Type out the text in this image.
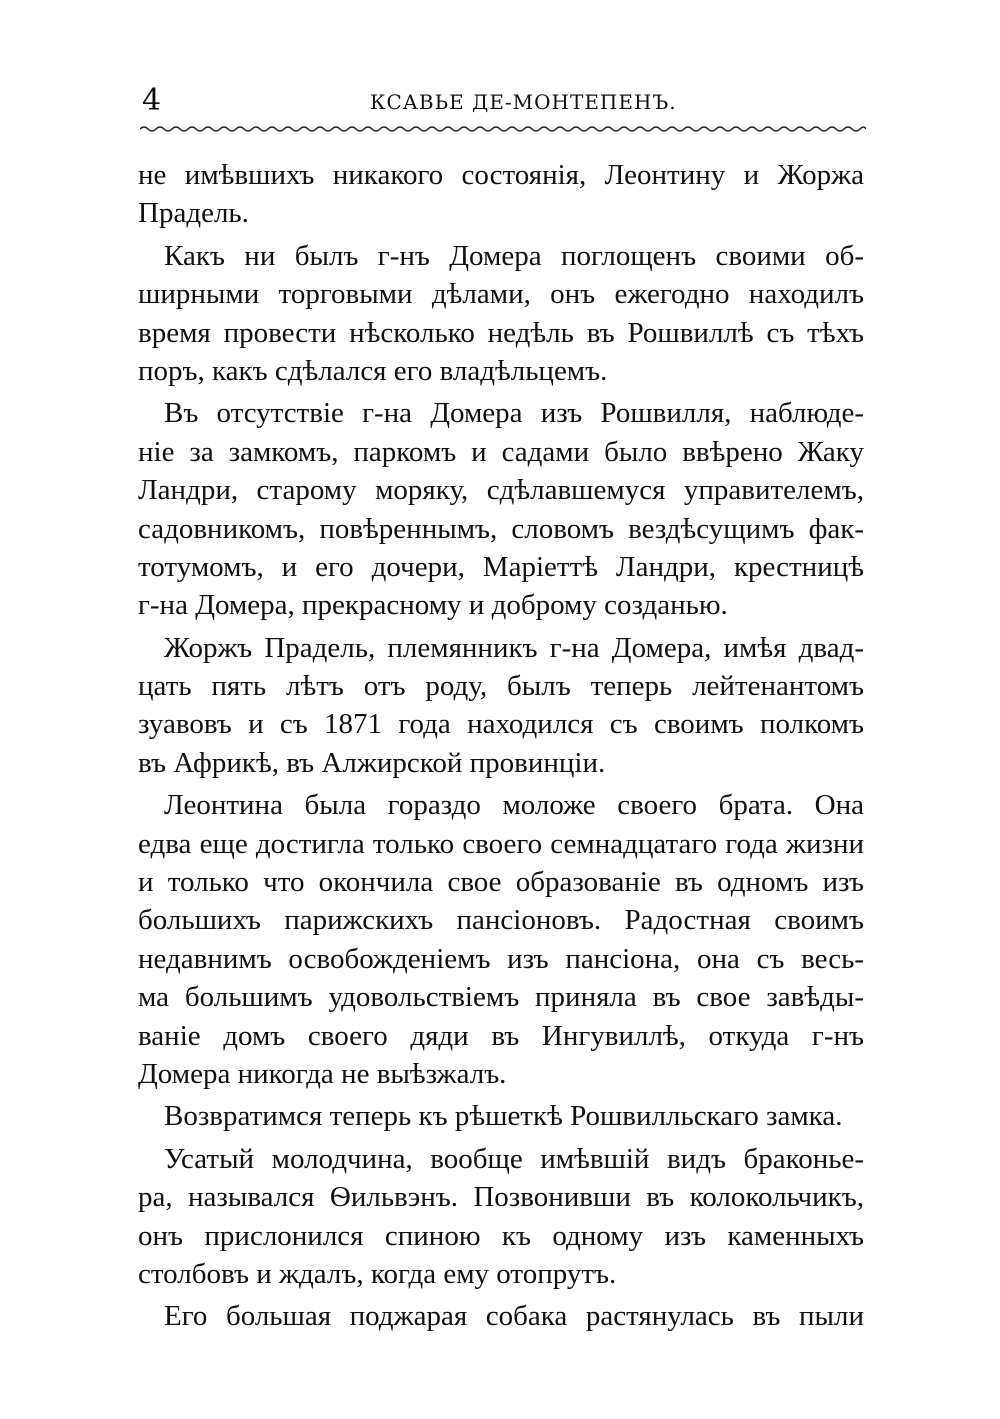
4	КСАВЬЕ ДЕ-МОНТЕПЕНЪ.
не имѣвшихъ никакого состоянія, Леонтину и Жоржа
Прадель.
Какъ ни былъ г-нъ Домера поглощенъ своими об-
ширными торговыми дѣлами, онъ ежегодно находилъ
время провести нѣсколько недѣль въ Рошвиллѣ съ тѣхъ
поръ, какъ сдѣлался его владѣльцемъ.
Въ отсутствіе г-на Домера изъ Рошвилля, наблюде-
ніе за замкомъ, паркомъ и садами было ввѣрено Жаку
Ландри, старому моряку, сдѣлавшемуся управителемъ,
садовникомъ, повѣреннымъ, словомъ вездѣсущимъ фак-
тотумомъ, и его дочери, Маріеттѣ Ландри, крестницѣ
г-на Домера, прекрасному и доброму созданью.
Жоржъ Прадель, племянникъ г-на Домера, имѣя двад-
цать пять лѣтъ отъ роду, былъ теперь лейтенантомъ
зуавовъ и съ 1871 года находился съ своимъ полкомъ
въ Африкѣ, въ Алжирской провинціи.
Леонтина была гораздо моложе своего брата. Она
едва еще достигла только своего семнадцатаго года жизни
и только что окончила свое образованіе въ одномъ изъ
большихъ парижскихъ пансіоновъ. Радостная своимъ
недавнимъ освобожденіемъ изъ пансіона, она съ весь-
ма большимъ удовольствіемъ приняла въ свое завѣды-
ваніе домъ своего дяди въ Ингувиллѣ, откуда г-нъ
Домера никогда не выѣзжалъ.
Возвратимся теперь къ рѣшеткѣ Рошвилльскаго замка.
Усатый молодчина, вообще имѣвшій видъ браконье-
ра, назывался Ѳильвэнъ. Позвонивши въ колокольчикъ,
онъ прислонился спиною къ одному изъ каменныхъ
столбовъ и ждалъ, когда ему отопрутъ.
Его большая поджарая собака растянулась въ пыли
